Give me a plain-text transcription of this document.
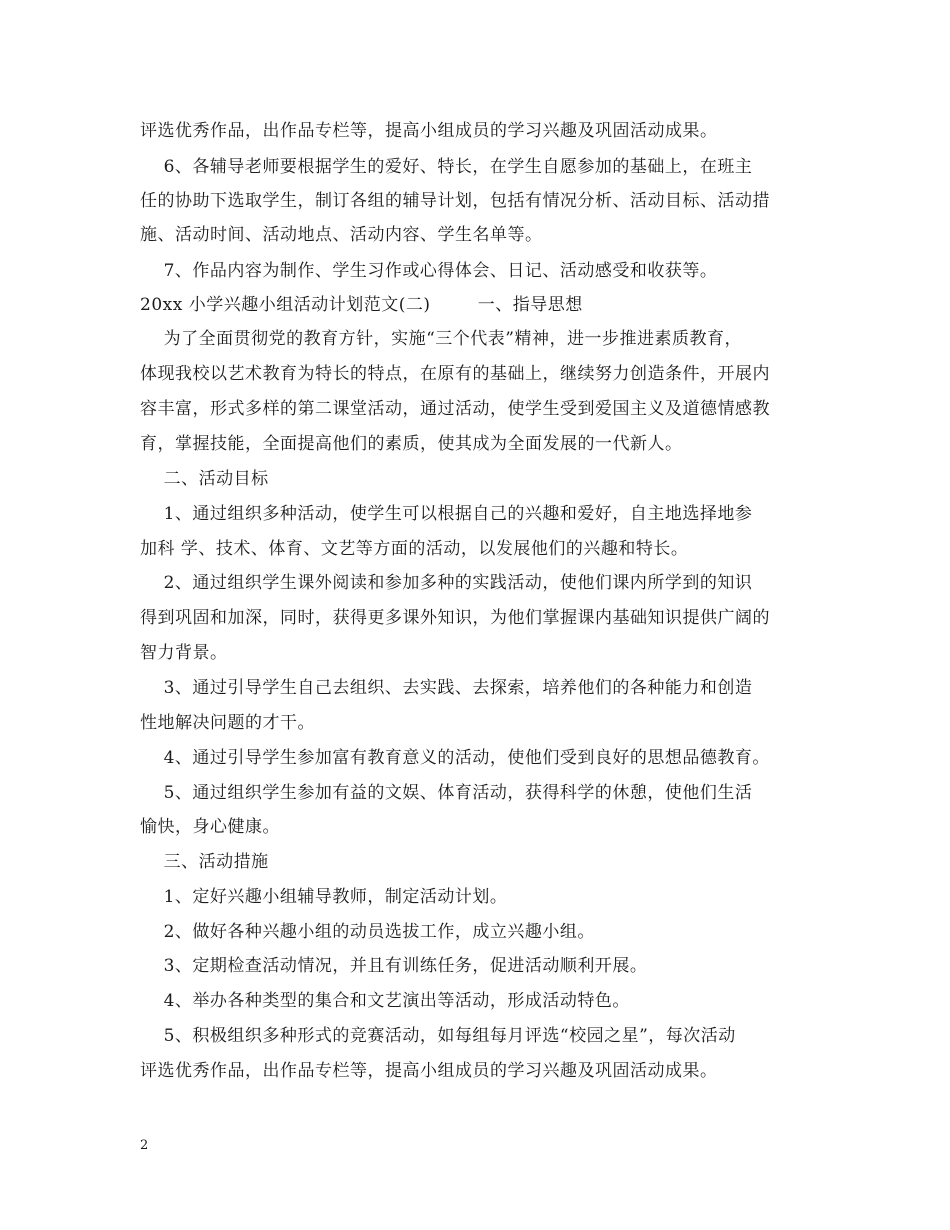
评选优秀作品，出作品专栏等，提高小组成员的学习兴趣及巩固活动成果。
6、各辅导老师要根据学生的爱好、特长，在学生自愿参加的基础上，在班主
任的协助下选取学生，制订各组的辅导计划，包括有情况分析、活动目标、活动措
施、活动时间、活动地点、活动内容、学生名单等。
7、作品内容为制作、学生习作或心得体会、日记、活动感受和收获等。
20xx 小学兴趣小组活动计划范文(二)        一、指导思想
为了全面贯彻党的教育方针，实施“三个代表”精神，进一步推进素质教育，
体现我校以艺术教育为特长的特点，在原有的基础上，继续努力创造条件，开展内
容丰富，形式多样的第二课堂活动，通过活动，使学生受到爱国主义及道德情感教
育，掌握技能，全面提高他们的素质，使其成为全面发展的一代新人。
二、活动目标
1、通过组织多种活动，使学生可以根据自己的兴趣和爱好，自主地选择地参
加科 学、技术、体育、文艺等方面的活动，以发展他们的兴趣和特长。
2、通过组织学生课外阅读和参加多种的实践活动，使他们课内所学到的知识
得到巩固和加深，同时，获得更多课外知识，为他们掌握课内基础知识提供广阔的
智力背景。
3、通过引导学生自己去组织、去实践、去探索，培养他们的各种能力和创造
性地解决问题的才干。
4、通过引导学生参加富有教育意义的活动，使他们受到良好的思想品德教育。
5、通过组织学生参加有益的文娱、体育活动，获得科学的休憩，使他们生活
愉快，身心健康。
三、活动措施
1、定好兴趣小组辅导教师，制定活动计划。
2、做好各种兴趣小组的动员选拔工作，成立兴趣小组。
3、定期检查活动情况，并且有训练任务，促进活动顺利开展。
4、举办各种类型的集合和文艺演出等活动，形成活动特色。
5、积极组织多种形式的竞赛活动，如每组每月评选“校园之星”，每次活动
评选优秀作品，出作品专栏等，提高小组成员的学习兴趣及巩固活动成果。
2
